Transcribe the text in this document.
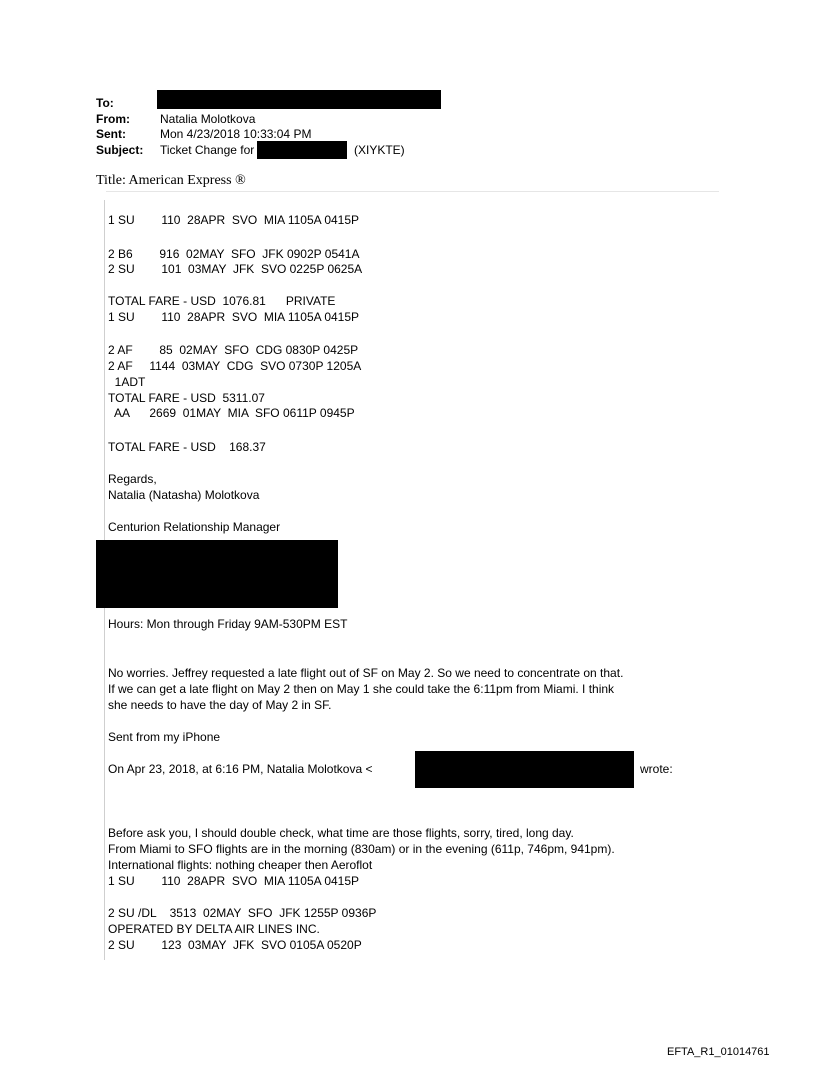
To:
From:	Natalia Molotkova
Sent:	Mon 4/23/2018 10:33:04 PM
Subject: Ticket Change for	(XIYKTE)
Title: American Express ®
1 SU        110  28APR  SVO  MIA 1105A 0415P
2 B6        916  02MAY  SFO  JFK 0902P 0541A
2 SU        101  03MAY  JFK  SVO 0225P 0625A
TOTAL FARE - USD  1076.81      PRIVATE
1 SU        110  28APR  SVO  MIA 1105A 0415P
2 AF        85  02MAY  SFO  CDG 0830P 0425P
2 AF     1144  03MAY  CDG  SVO 0730P 1205A
1ADT
TOTAL FARE - USD  5311.07
AA      2669  01MAY  MIA  SFO 0611P 0945P
TOTAL FARE - USD    168.37
Regards,
Natalia (Natasha) Molotkova
Centurion Relationship Manager
Hours: Mon through Friday 9AM-530PM EST
No worries. Jeffrey requested a late flight out of SF on May 2. So we need to concentrate on that.
If we can get a late flight on May 2 then on May 1 she could take the 6:11pm from Miami. I think
she needs to have the day of May 2 in SF.
Sent from my iPhone
On Apr 23, 2018, at 6:16 PM, Natalia Molotkova <	wrote:
Before ask you, I should double check, what time are those flights, sorry, tired, long day.
From Miami to SFO flights are in the morning (830am) or in the evening (611p, 746pm, 941pm).
International flights: nothing cheaper then Aeroflot
1 SU        110  28APR  SVO  MIA 1105A 0415P
2 SU /DL    3513  02MAY  SFO  JFK 1255P 0936P
OPERATED BY DELTA AIR LINES INC.
2 SU        123  03MAY  JFK  SVO 0105A 0520P
EFTA_R1_01014761
